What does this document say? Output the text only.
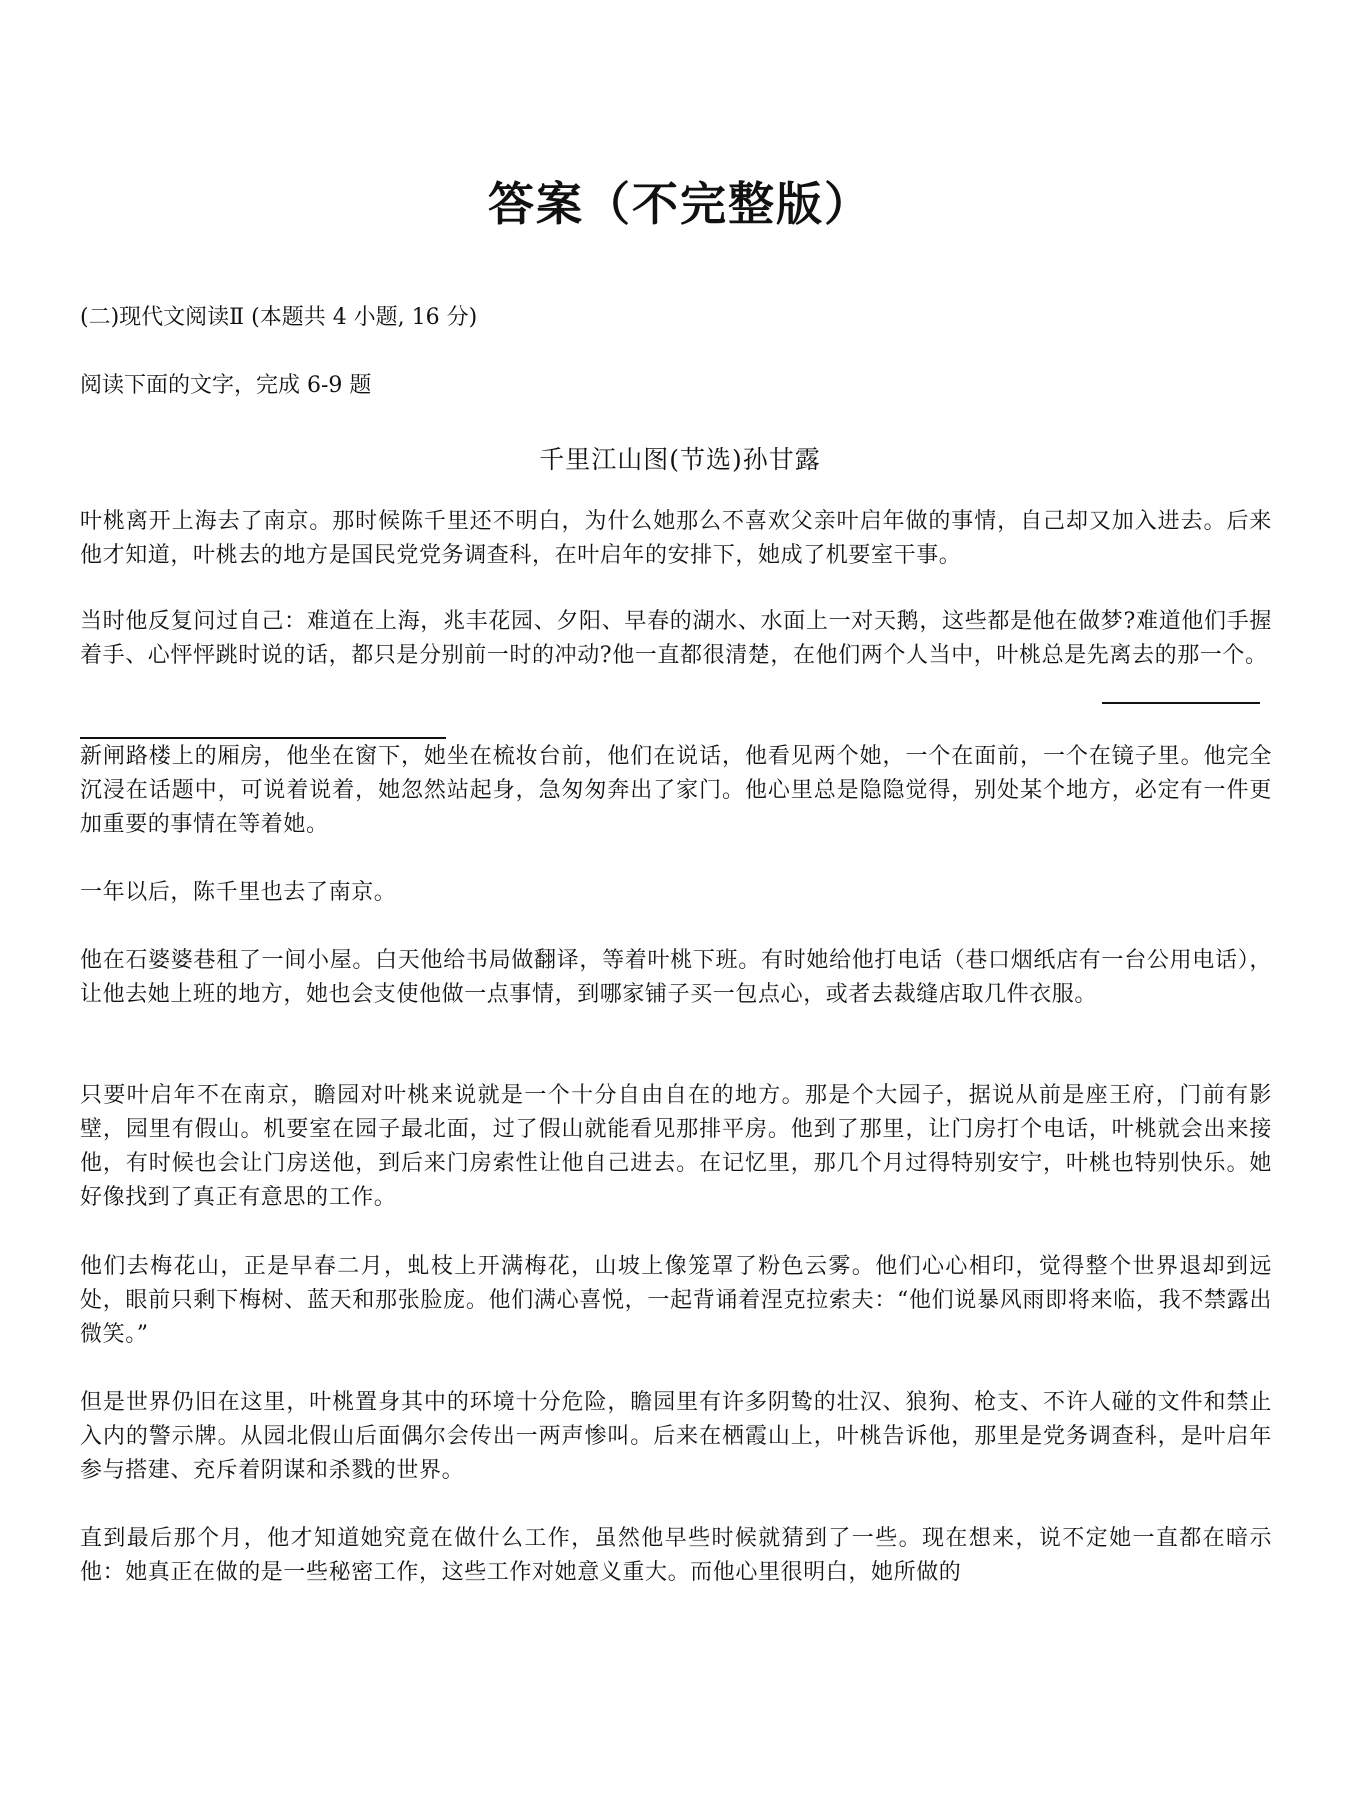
答案（不完整版）

(二)现代文阅读Ⅱ (本题共 4 小题, 16 分)

阅读下面的文字，完成 6-9 题

千里江山图(节选)孙甘露

叶桃离开上海去了南京。那时候陈千里还不明白，为什么她那么不喜欢父亲叶启年做的事情，自己却又加入进去。后来他才知道，叶桃去的地方是国民党党务调查科，在叶启年的安排下，她成了机要室干事。

当时他反复问过自己：难道在上海，兆丰花园、夕阳、早春的湖水、水面上一对天鹅，这些都是他在做梦?难道他们手握着手、心怦怦跳时说的话，都只是分别前一时的冲动?他一直都很清楚，在他们两个人当中，叶桃总是先离去的那一个。

新闸路楼上的厢房，他坐在窗下，她坐在梳妆台前，他们在说话，他看见两个她，一个在面前，一个在镜子里。他完全沉浸在话题中，可说着说着，她忽然站起身，急匆匆奔出了家门。他心里总是隐隐觉得，别处某个地方，必定有一件更加重要的事情在等着她。

一年以后，陈千里也去了南京。

他在石婆婆巷租了一间小屋。白天他给书局做翻译，等着叶桃下班。有时她给他打电话（巷口烟纸店有一台公用电话），让他去她上班的地方，她也会支使他做一点事情，到哪家铺子买一包点心，或者去裁缝店取几件衣服。

只要叶启年不在南京，瞻园对叶桃来说就是一个十分自由自在的地方。那是个大园子，据说从前是座王府，门前有影壁，园里有假山。机要室在园子最北面，过了假山就能看见那排平房。他到了那里，让门房打个电话，叶桃就会出来接他，有时候也会让门房送他，到后来门房索性让他自己进去。在记忆里，那几个月过得特别安宁，叶桃也特别快乐。她好像找到了真正有意思的工作。

他们去梅花山，正是早春二月，虬枝上开满梅花，山坡上像笼罩了粉色云雾。他们心心相印，觉得整个世界退却到远处，眼前只剩下梅树、蓝天和那张脸庞。他们满心喜悦，一起背诵着涅克拉索夫：“他们说暴风雨即将来临，我不禁露出微笑。”

但是世界仍旧在这里，叶桃置身其中的环境十分危险，瞻园里有许多阴鸷的壮汉、狼狗、枪支、不许人碰的文件和禁止入内的警示牌。从园北假山后面偶尔会传出一两声惨叫。后来在栖霞山上，叶桃告诉他，那里是党务调查科，是叶启年参与搭建、充斥着阴谋和杀戮的世界。

直到最后那个月，他才知道她究竟在做什么工作，虽然他早些时候就猜到了一些。现在想来，说不定她一直都在暗示他：她真正在做的是一些秘密工作，这些工作对她意义重大。而他心里很明白，她所做的
